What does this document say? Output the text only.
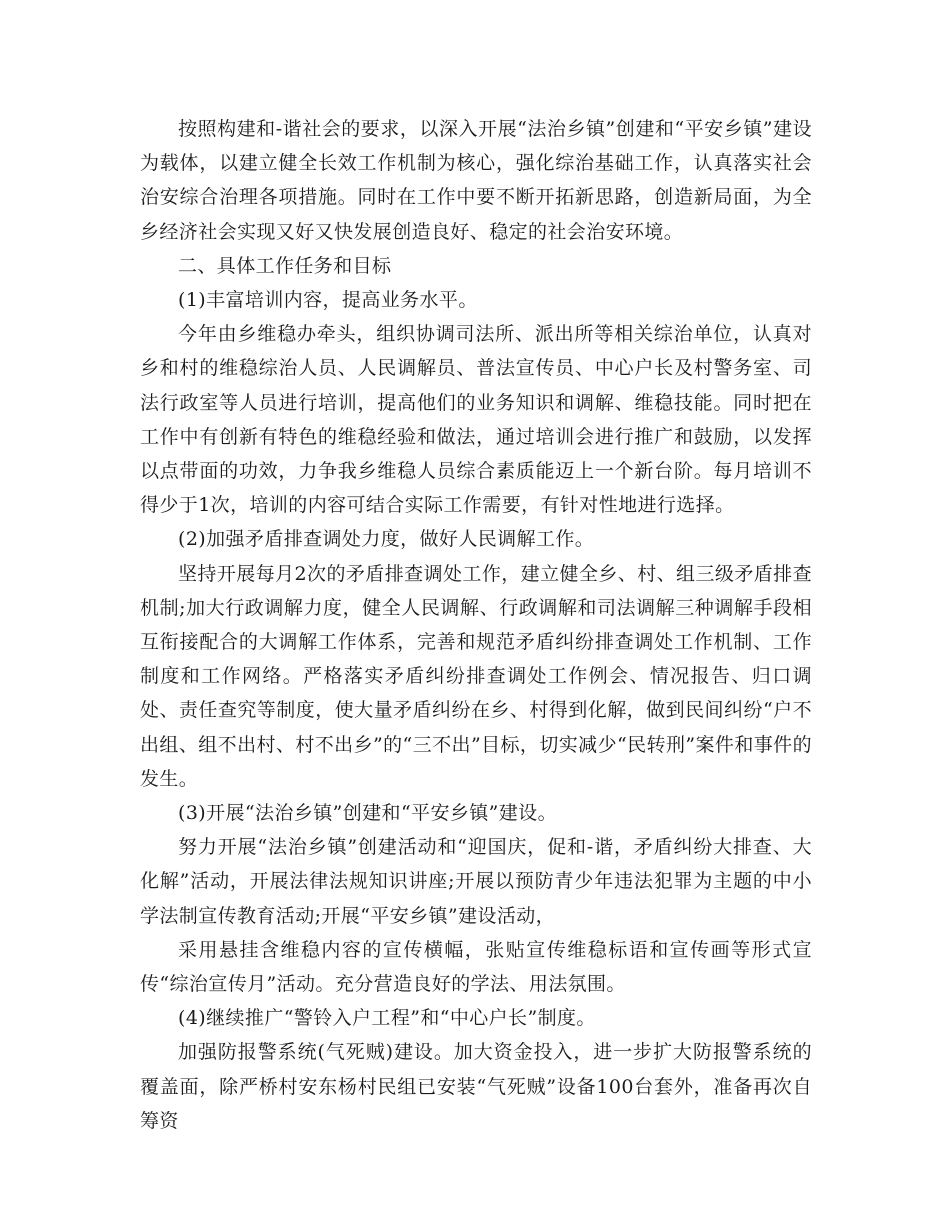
按照构建和-谐社会的要求，以深入开展“法治乡镇”创建和“平安乡镇”建设为载体，以建立健全长效工作机制为核心，强化综治基础工作，认真落实社会治安综合治理各项措施。同时在工作中要不断开拓新思路，创造新局面，为全乡经济社会实现又好又快发展创造良好、稳定的社会治安环境。

二、具体工作任务和目标

(1)丰富培训内容，提高业务水平。

今年由乡维稳办牵头，组织协调司法所、派出所等相关综治单位，认真对乡和村的维稳综治人员、人民调解员、普法宣传员、中心户长及村警务室、司法行政室等人员进行培训，提高他们的业务知识和调解、维稳技能。同时把在工作中有创新有特色的维稳经验和做法，通过培训会进行推广和鼓励，以发挥以点带面的功效，力争我乡维稳人员综合素质能迈上一个新台阶。每月培训不得少于1次，培训的内容可结合实际工作需要，有针对性地进行选择。

(2)加强矛盾排查调处力度，做好人民调解工作。

坚持开展每月2次的矛盾排查调处工作，建立健全乡、村、组三级矛盾排查机制;加大行政调解力度，健全人民调解、行政调解和司法调解三种调解手段相互衔接配合的大调解工作体系，完善和规范矛盾纠纷排查调处工作机制、工作制度和工作网络。严格落实矛盾纠纷排查调处工作例会、情况报告、归口调处、责任查究等制度，使大量矛盾纠纷在乡、村得到化解，做到民间纠纷“户不出组、组不出村、村不出乡”的“三不出”目标，切实减少“民转刑”案件和事件的发生。

(3)开展“法治乡镇”创建和“平安乡镇”建设。

努力开展“法治乡镇”创建活动和“迎国庆，促和-谐，矛盾纠纷大排查、大化解”活动，开展法律法规知识讲座;开展以预防青少年违法犯罪为主题的中小学法制宣传教育活动;开展“平安乡镇”建设活动，

采用悬挂含维稳内容的宣传横幅，张贴宣传维稳标语和宣传画等形式宣传“综治宣传月”活动。充分营造良好的学法、用法氛围。

(4)继续推广“警铃入户工程”和“中心户长”制度。

加强防报警系统(气死贼)建设。加大资金投入，进一步扩大防报警系统的覆盖面，除严桥村安东杨村民组已安装“气死贼”设备100台套外，准备再次自筹资
